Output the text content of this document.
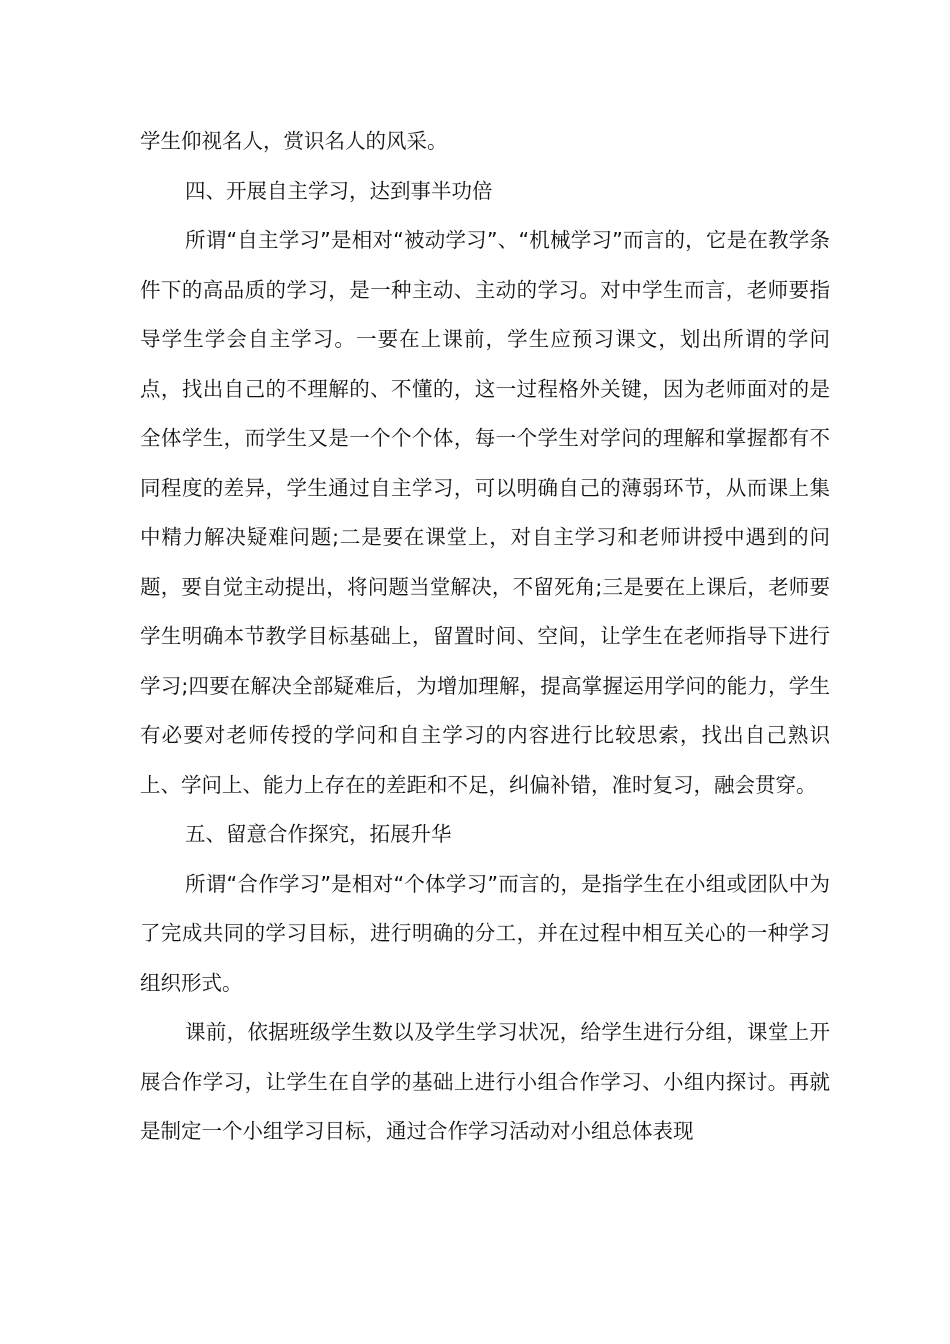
学生仰视名人，赏识名人的风采。

四、开展自主学习，达到事半功倍

所谓“自主学习”是相对“被动学习”、“机械学习”而言的，它是在教学条件下的高品质的学习，是一种主动、主动的学习。对中学生而言，老师要指导学生学会自主学习。一要在上课前，学生应预习课文，划出所谓的学问点，找出自己的不理解的、不懂的，这一过程格外关键，因为老师面对的是全体学生，而学生又是一个个个体，每一个学生对学问的理解和掌握都有不同程度的差异，学生通过自主学习，可以明确自己的薄弱环节，从而课上集中精力解决疑难问题;二是要在课堂上，对自主学习和老师讲授中遇到的问题，要自觉主动提出，将问题当堂解决，不留死角;三是要在上课后，老师要学生明确本节教学目标基础上，留置时间、空间，让学生在老师指导下进行学习;四要在解决全部疑难后，为增加理解，提高掌握运用学问的能力，学生有必要对老师传授的学问和自主学习的内容进行比较思索，找出自己熟识上、学问上、能力上存在的差距和不足，纠偏补错，准时复习，融会贯穿。

五、留意合作探究，拓展升华

所谓“合作学习”是相对“个体学习”而言的，是指学生在小组或团队中为了完成共同的学习目标，进行明确的分工，并在过程中相互关心的一种学习组织形式。

课前，依据班级学生数以及学生学习状况，给学生进行分组，课堂上开展合作学习，让学生在自学的基础上进行小组合作学习、小组内探讨。再就是制定一个小组学习目标，通过合作学习活动对小组总体表现
